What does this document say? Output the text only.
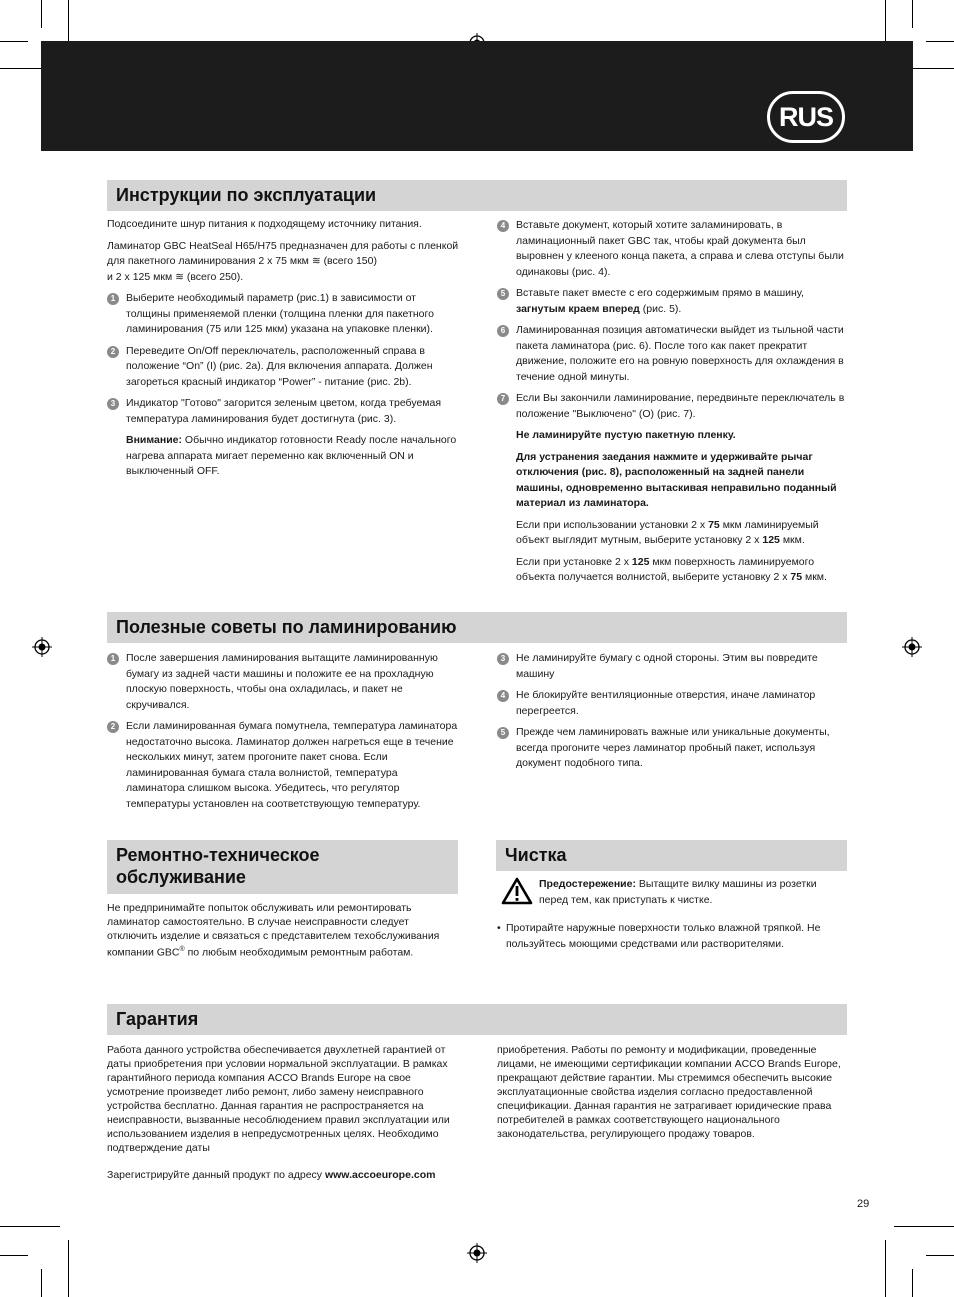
RUS
Инструкции по эксплуатации

Подсоедините шнур питания к подходящему источнику питания.

Ламинатор GBC HeatSeal H65/H75 предназначен для работы с пленкой для пакетного ламинирования 2 x 75 мкм ≋ (всего 150)
и 2 x 125 мкм ≋ (всего 250).

1	Выберите необходимый параметр (рис.1) в зависимости от толщины применяемой пленки (толщина пленки для пакетного ламинирования (75 или 125 мкм) указана на упаковке пленки).
2	Переведите On/Off переключатель, расположенный справа в положение “On” (I) (рис. 2a). Для включения аппарата. Должен загореться красный индикатор “Power” - питание (рис. 2b).
3	Индикатор "Готово" загорится зеленым цветом, когда требуемая температура ламинирования будет достигнута (рис. 3).
Внимание: Обычно индикатор готовности Ready после начального нагрева аппарата мигает переменно как включенный ON и выключенный OFF.
4	Вставьте документ, который хотите заламинировать, в ламинационный пакет GBC так, чтобы край документа был выровнен у клееного конца пакета, а справа и слева отступы были одинаковы (рис. 4).
5	Вставьте пакет вместе с его содержимым прямо в машину, загнутым краем вперед (рис. 5).
6	Ламинированная позиция автоматически выйдет из тыльной части пакета ламинатора (рис. 6). После того как пакет прекратит движение, положите его на ровную поверхность для охлаждения в течение одной минуты.
7	Если Вы закончили ламинирование, передвиньте переключатель в положение "Выключено" (O) (рис. 7).
Не ламинируйте пустую пакетную пленку.
Для устранения заедания нажмите и удерживайте рычаг отключения (рис. 8), расположенный на задней панели машины, одновременно вытаскивая неправильно поданный материал из ламинатора.
Если при использовании установки 2 x 75 мкм ламинируемый объект выглядит мутным, выберите установку 2 x 125 мкм.
Если при установке 2 x 125 мкм поверхность ламинируемого объекта получается волнистой, выберите установку 2 x 75 мкм.
Полезные советы по ламинированию
1	После завершения ламинирования вытащите ламинированную бумагу из задней части машины и положите ее на прохладную плоскую поверхность, чтобы она охладилась, и пакет не скручивался.
2	Если ламинированная бумага помутнела, температура ламинатора недостаточно высока. Ламинатор должен нагреться еще в течение нескольких минут, затем прогоните пакет снова. Если ламинированная бумага стала волнистой, температура ламинатора слишком высока. Убедитесь, что регулятор температуры установлен на соответствующую температуру.
3	Не ламинируйте бумагу с одной стороны. Этим вы повредите машину
4	Не блокируйте вентиляционные отверстия, иначе ламинатор перегреется.
5	Прежде чем ламинировать важные или уникальные документы, всегда прогоните через ламинатор пробный пакет, используя документ подобного типа.
Ремонтно-техническое обслуживание
Не предпринимайте попыток обслуживать или ремонтировать ламинатор самостоятельно. В случае неисправности следует отключить изделие и связаться с представителем техобслуживания компании GBC® по любым необходимым ремонтным работам.
Чистка
Предостережение: Вытащите вилку машины из розетки перед тем, как приступать к чистке.
• Протирайте наружные поверхности только влажной тряпкой. Не пользуйтесь моющими средствами или растворителями.
Гарантия

Работа данного устройства обеспечивается двухлетней гарантией от даты приобретения при условии нормальной эксплуатации. В рамках гарантийного периода компания ACCO Brands Europe на свое усмотрение произведет либо ремонт, либо замену неисправного устройства бесплатно. Данная гарантия не распространяется на неисправности, вызванные несоблюдением правил эксплуатации или использованием изделия в непредусмотренных целях. Необходимо подтверждение даты

Зарегистрируйте данный продукт по адресу www.accoeurope.com

приобретения. Работы по ремонту и модификации, проведенные лицами, не имеющими сертификации компании ACCO Brands Europe, прекращают действие гарантии. Мы стремимся обеспечить высокие эксплуатационные свойства изделия согласно предоставленной спецификации. Данная гарантия не затрагивает юридические права потребителей в рамках соответствующего национального законодательства, регулирующего продажу товаров.

29
